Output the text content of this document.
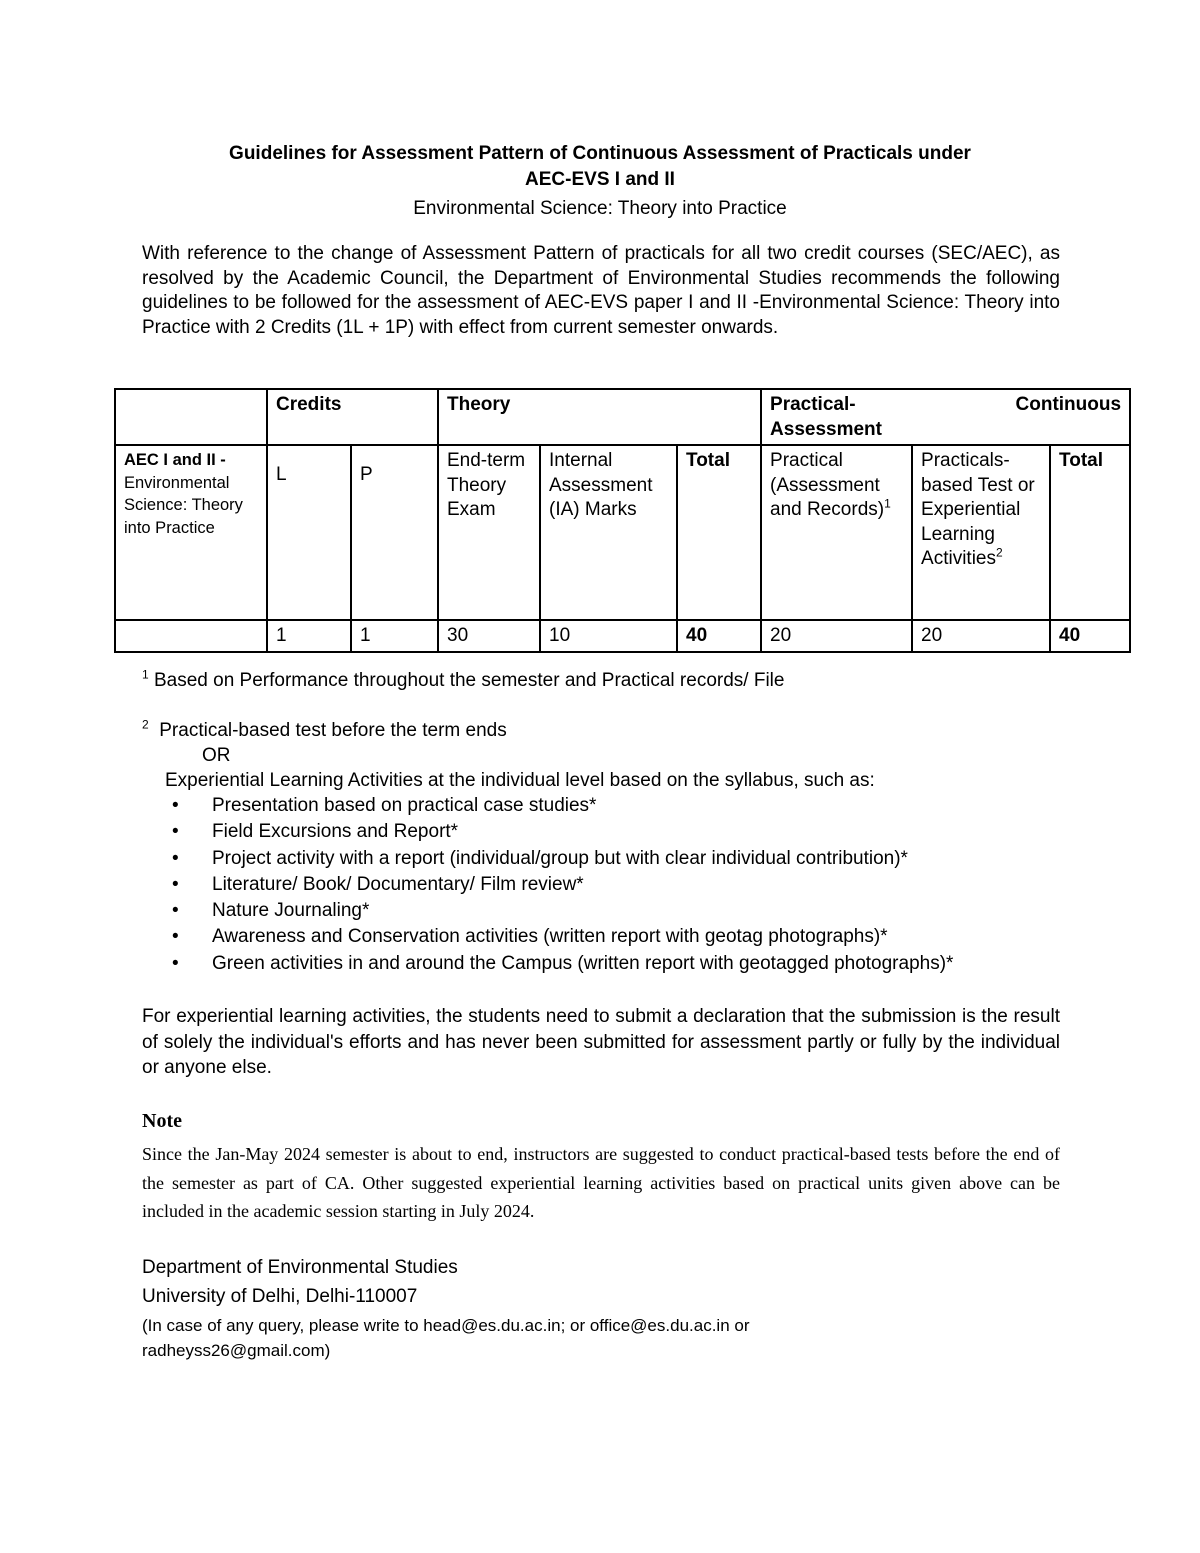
Guidelines for Assessment Pattern of Continuous Assessment of Practicals under
AEC-EVS I and II
Environmental Science: Theory into Practice

With reference to the change of Assessment Pattern of practicals for all two credit courses (SEC/AEC), as resolved by the Academic Council, the Department of Environmental Studies recommends the following guidelines to be followed for the assessment of AEC-EVS paper I and II -Environmental Science: Theory into Practice with 2 Credits (1L + 1P) with effect from current semester onwards.

	Credits		Theory			Practical- Continuous
Assessment		

AEC I and II - Environmental Science: Theory into Practice	L	P	End-term Theory Exam	Internal Assessment (IA) Marks	Total	Practical (Assessment and Records)$^1$	Practicals-based Test or Experiential Learning Activities$^2$	Total
	1	1	30	10	40	20	20	40
$^1$ Based on Performance throughout the semester and Practical records/ File
$^2$ Practical-based test before the term ends
OR
Experiential Learning Activities at the individual level based on the syllabus, such as:
• Presentation based on practical case studies*
• Field Excursions and Report*
• Project activity with a report (individual/group but with clear individual contribution)*
• Literature/ Book/ Documentary/ Film review*
• Nature Journaling*
• Awareness and Conservation activities (written report with geotag photographs)*
• Green activities in and around the Campus (written report with geotagged photographs)*

For experiential learning activities, the students need to submit a declaration that the submission is the result of solely the individual's efforts and has never been submitted for assessment partly or fully by the individual or anyone else.

Note

Since the Jan-May 2024 semester is about to end, instructors are suggested to conduct practical-based tests before the end of the semester as part of CA. Other suggested experiential learning activities based on practical units given above can be included in the academic session starting in July 2024.

Department of Environmental Studies
University of Delhi, Delhi-110007
(In case of any query, please write to head@es.du.ac.in; or office@es.du.ac.in or
radheyss26@gmail.com)
